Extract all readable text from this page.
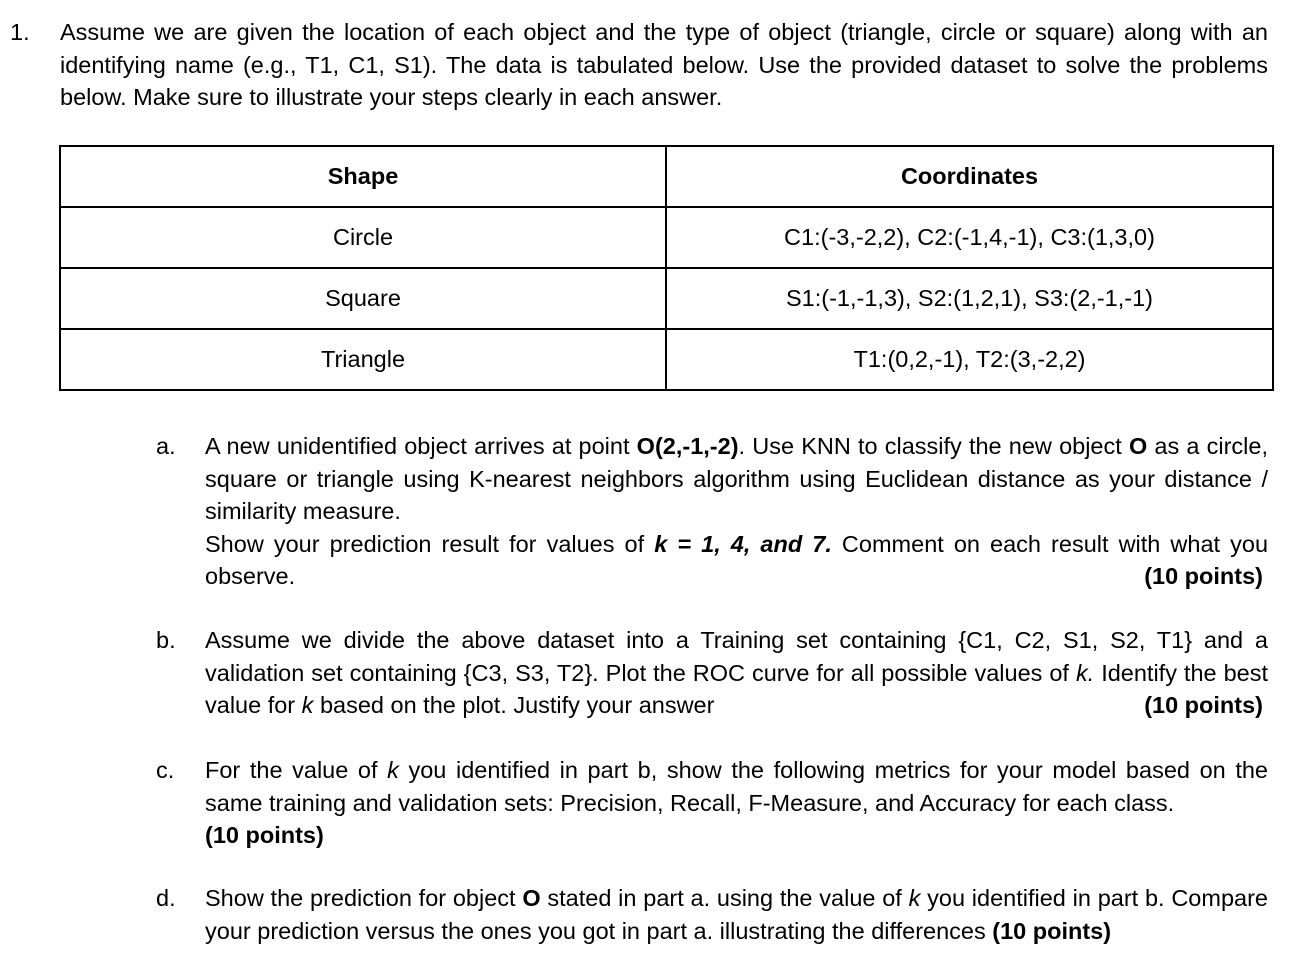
1. Assume we are given the location of each object and the type of object (triangle, circle or square) along with an identifying name (e.g., T1, C1, S1). The data is tabulated below. Use the provided dataset to solve the problems below. Make sure to illustrate your steps clearly in each answer.
Shape	Coordinates
Circle	C1:(-3,-2,2), C2:(-1,4,-1), C3:(1,3,0)
Square	S1:(-1,-1,3), S2:(1,2,1), S3:(2,-1,-1)
Triangle	T1:(0,2,-1), T2:(3,-2,2)
a. A new unidentified object arrives at point O(2,-1,-2). Use KNN to classify the new object O as a circle, square or triangle using K-nearest neighbors algorithm using Euclidean distance as your distance / similarity measure.
Show your prediction result for values of k = 1, 4, and 7. Comment on each result with what you observe.	(10 points)
b. Assume we divide the above dataset into a Training set containing {C1, C2, S1, S2, T1} and a validation set containing {C3, S3, T2}. Plot the ROC curve for all possible values of k. Identify the best value for k based on the plot. Justify your answer	(10 points)
c. For the value of k you identified in part b, show the following metrics for your model based on the same training and validation sets: Precision, Recall, F-Measure, and Accuracy for each class.
(10 points)
d. Show the prediction for object O stated in part a. using the value of k you identified in part b. Compare your prediction versus the ones you got in part a. illustrating the differences (10 points)
